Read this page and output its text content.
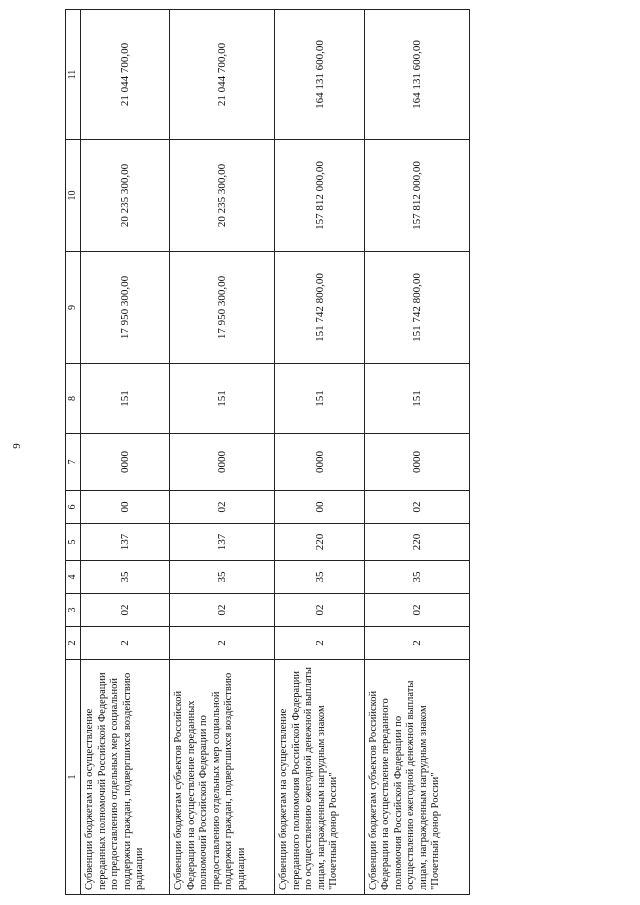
9
1	2	3	4	5	6	7	8	9	10	11
Субвенции бюджетам на осуществление переданных полномочий Российской Федерации по предоставлению отдельных мер социальной поддержки граждан, подвергшихся воздействию радиации	2	02	35	137	00	0000	151	17 950 300,00	20 235 300,00	21 044 700,00
Субвенции бюджетам субъектов Российской Федерации на осуществление переданных полномочий Российской Федерации по предоставлению отдельных мер социальной поддержки граждан, подвергшихся воздействию радиации	2	02	35	137	02	0000	151	17 950 300,00	20 235 300,00	21 044 700,00
Субвенции бюджетам на осуществление переданного полномочия Российской Федерации по осуществлению ежегодной денежной выплаты лицам, награжденным нагрудным знаком "Почетный донор России"	2	02	35	220	00	0000	151	151 742 800,00	157 812 000,00	164 131 600,00
Субвенции бюджетам субъектов Российской Федерации на осуществление переданного полномочия Российской Федерации по осуществлению ежегодной денежной выплаты лицам, награжденным нагрудным знаком "Почетный донор России"	2	02	35	220	02	0000	151	151 742 800,00	157 812 000,00	164 131 600,00
